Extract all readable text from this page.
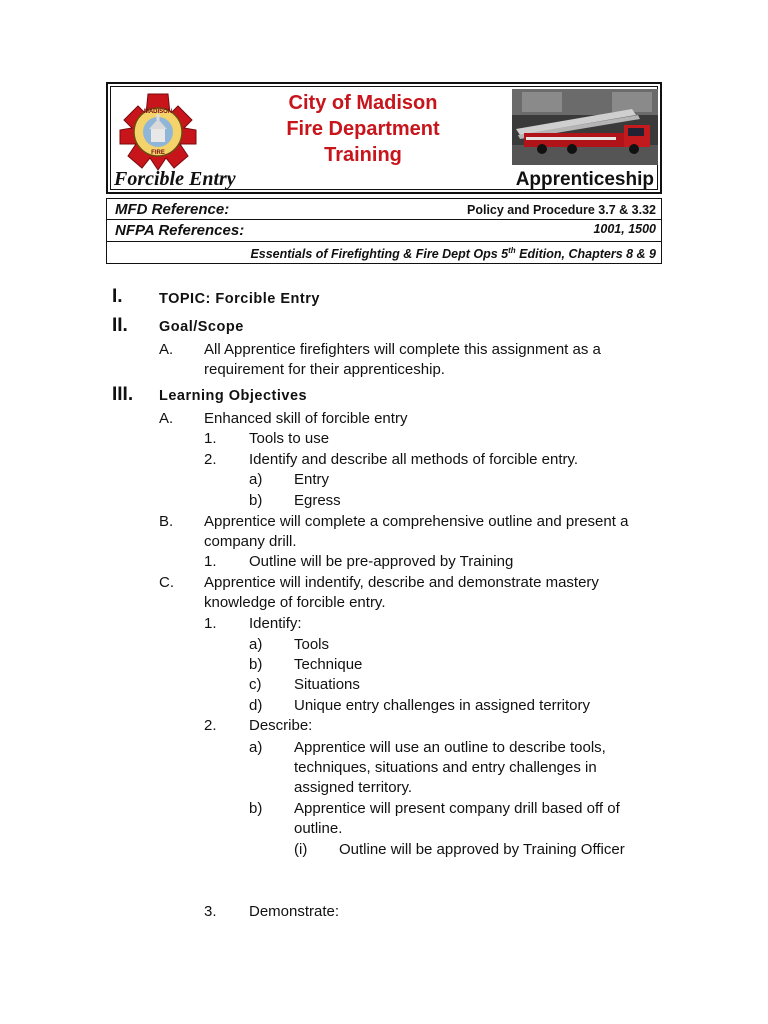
MADISON
FIRE
City of Madison
Fire Department
Training
Forcible Entry	Apprenticeship
MFD Reference:	Policy and Procedure 3.7 & 3.32
NFPA References:	1001, 1500
Essentials of Firefighting & Fire Dept Ops 5th Edition, Chapters 8 & 9
I.	TOPIC: Forcible Entry
II. Goal/Scope
A. All Apprentice firefighters will complete this assignment as a
requirement for their apprenticeship.
III. Learning Objectives
A. Enhanced skill of forcible entry
1. Tools to use
2. Identify and describe all methods of forcible entry.
a) Entry
b) Egress
B. Apprentice will complete a comprehensive outline and present a
company drill.
1. Outline will be pre-approved by Training
C. Apprentice will indentify, describe and demonstrate mastery
knowledge of forcible entry.
1. Identify:
a) Tools
b) Technique
c) Situations
d) Unique entry challenges in assigned territory
2. Describe:
a) Apprentice will use an outline to describe tools,
techniques, situations and entry challenges in
assigned territory.
b) Apprentice will present company drill based off of
outline.
(i) Outline will be approved by Training Officer
3. Demonstrate:
